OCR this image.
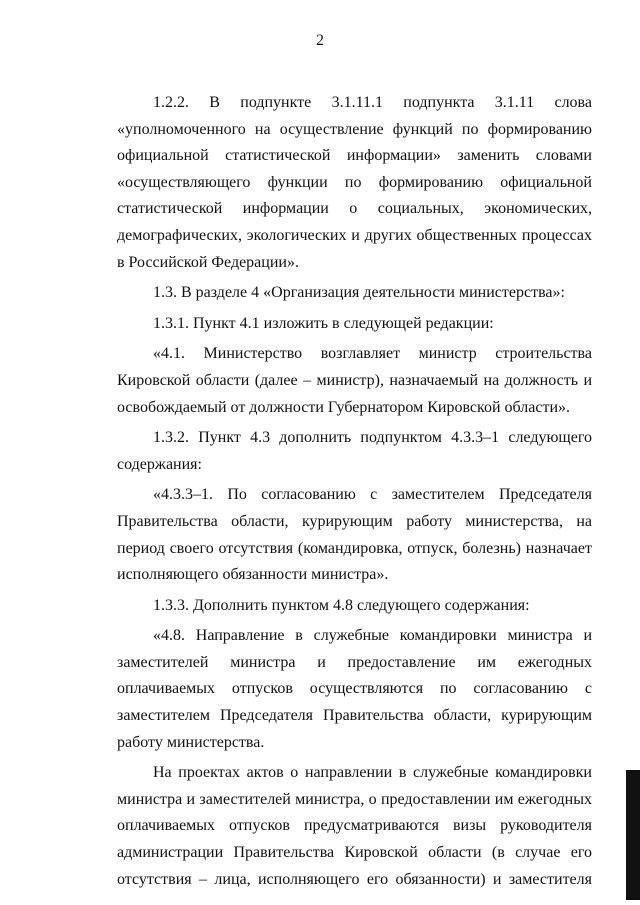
2

1.2.2. В подпункте 3.1.11.1 подпункта 3.1.11 слова «уполномоченного на осуществление функций по формированию официальной статистической информации» заменить словами «осуществляющего функции по формированию официальной статистической информации о социальных, экономических, демографических, экологических и других общественных процессах в Российской Федерации».

1.3. В разделе 4 «Организация деятельности министерства»:

1.3.1. Пункт 4.1 изложить в следующей редакции:

«4.1. Министерство возглавляет министр строительства Кировской области (далее – министр), назначаемый на должность и освобождаемый от должности Губернатором Кировской области».

1.3.2. Пункт 4.3 дополнить подпунктом 4.3.3–1 следующего содержания:

«4.3.3–1. По согласованию с заместителем Председателя Правительства области, курирующим работу министерства, на период своего отсутствия (командировка, отпуск, болезнь) назначает исполняющего обязанности министра».

1.3.3. Дополнить пунктом 4.8 следующего содержания:

«4.8. Направление в служебные командировки министра и заместителей министра и предоставление им ежегодных оплачиваемых отпусков осуществляются по согласованию с заместителем Председателя Правительства области, курирующим работу министерства.

На проектах актов о направлении в служебные командировки министра и заместителей министра, о предоставлении им ежегодных оплачиваемых отпусков предусматриваются визы руководителя администрации Правительства Кировской области (в случае его отсутствия – лица, исполняющего его обязанности) и заместителя
